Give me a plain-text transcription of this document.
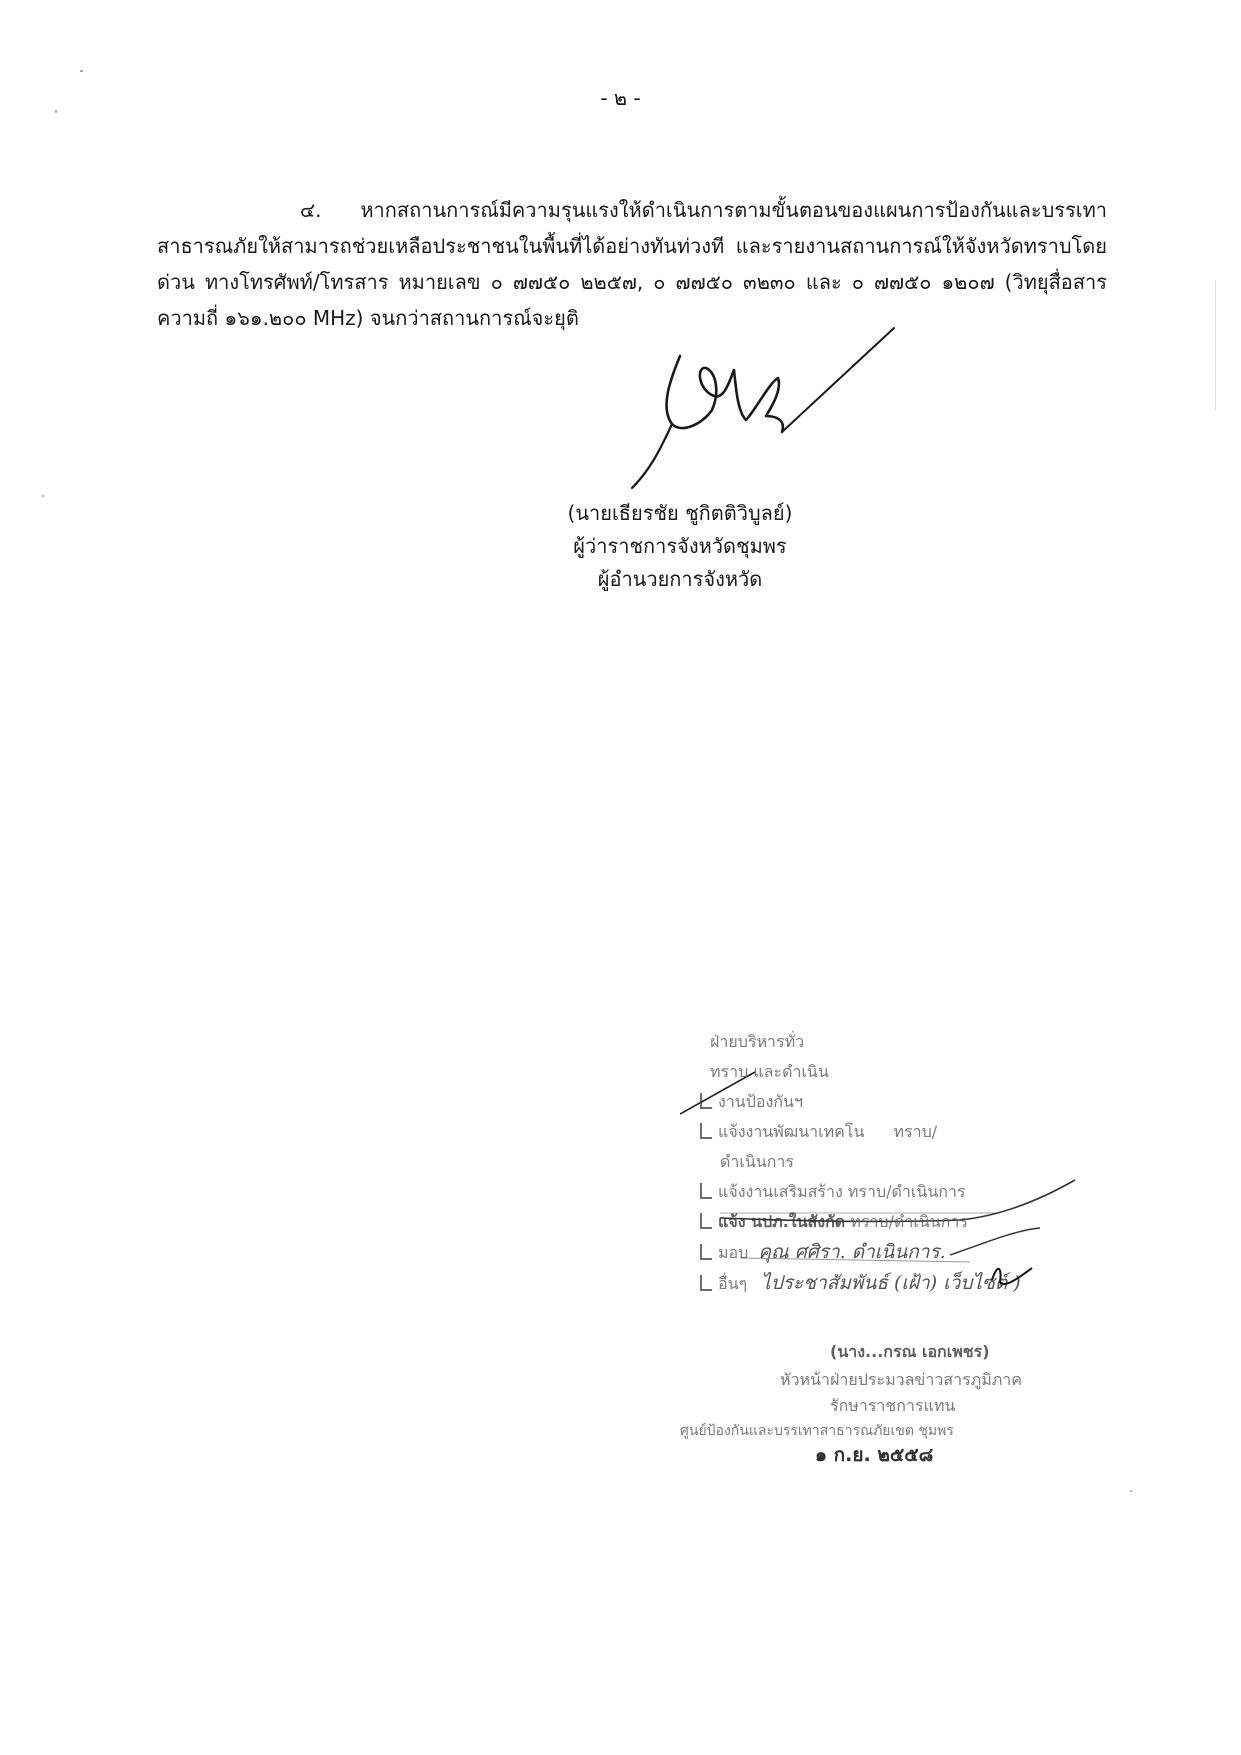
- ๒ -

๔. หากสถานการณ์มีความรุนแรงให้ดำเนินการตามขั้นตอนของแผนการป้องกันและบรรเทาสาธารณภัยให้สามารถช่วยเหลือประชาชนในพื้นที่ได้อย่างทันท่วงที และรายงานสถานการณ์ให้จังหวัดทราบโดยด่วน ทางโทรศัพท์/โทรสาร หมายเลข ๐ ๗๗๕๐ ๒๒๕๗, ๐ ๗๗๕๐ ๓๒๓๐ และ ๐ ๗๗๕๐ ๑๒๐๗ (วิทยุสื่อสารความถี่ ๑๖๑.๒๐๐ MHz) จนกว่าสถานการณ์จะยุติ

(นายเธียรชัย ชูกิตติวิบูลย์)
ผู้ว่าราชการจังหวัดชุมพร
ผู้อำนวยการจังหวัด
ฝ่ายบริหารทั่ว
ทราบ และดำเนิน
งานป้องกันฯ
แจ้งงานพัฒนาเทคโน ทราบ/
ดำเนินการ
แจ้งงานเสริมสร้าง ทราบ/ดำเนินการ
แจ้ง นปภ.ในสังกัด ทราบ/ดำเนินการ
มอบ คุณ ศศิรา. ดำเนินการ.
อื่นๆ ไประชาสัมพันธ์ (เฝ้า) เว็บไซต์ )
(นาง...กรณ เอกเพชร)
หัวหน้าฝ่ายประมวลข่าวสารภูมิภาค
รักษาราชการแทน
ศูนย์ป้องกันและบรรเทาสาธารณภัยเขต ชุมพร
๑ ก.ย. ๒๕๕๘
